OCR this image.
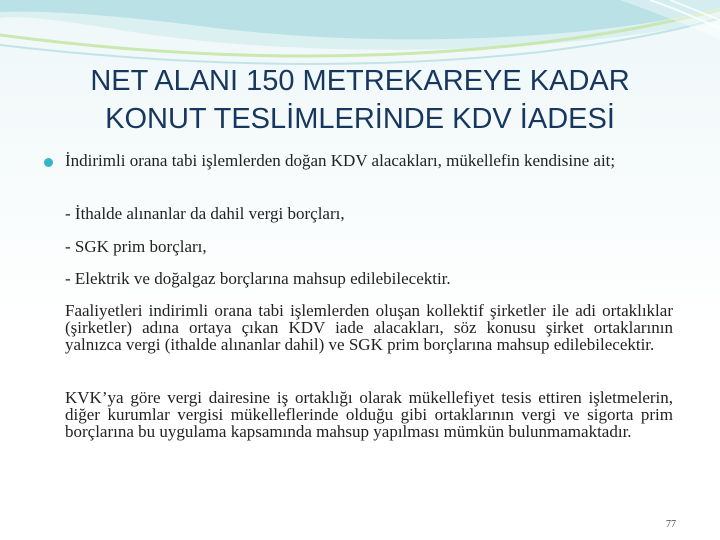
NET ALANI 150 METREKAREYE KADAR
KONUT TESLİMLERİNDE KDV İADESİ
İndirimli orana tabi işlemlerden doğan KDV alacakları, mükellefin kendisine ait;
- İthalde alınanlar da dahil vergi borçları,
- SGK prim borçları,
- Elektrik ve doğalgaz borçlarına mahsup edilebilecektir.
Faaliyetleri indirimli orana tabi işlemlerden oluşan kollektif şirketler ile adi ortaklıklar (şirketler) adına ortaya çıkan KDV iade alacakları, söz konusu şirket ortaklarının yalnızca vergi (ithalde alınanlar dahil) ve SGK prim borçlarına mahsup edilebilecektir.
KVK’ya göre vergi dairesine iş ortaklığı olarak mükellefiyet tesis ettiren işletmelerin, diğer kurumlar vergisi mükelleflerinde olduğu gibi ortaklarının vergi ve sigorta prim borçlarına bu uygulama kapsamında mahsup yapılması mümkün bulunmamaktadır.
77
